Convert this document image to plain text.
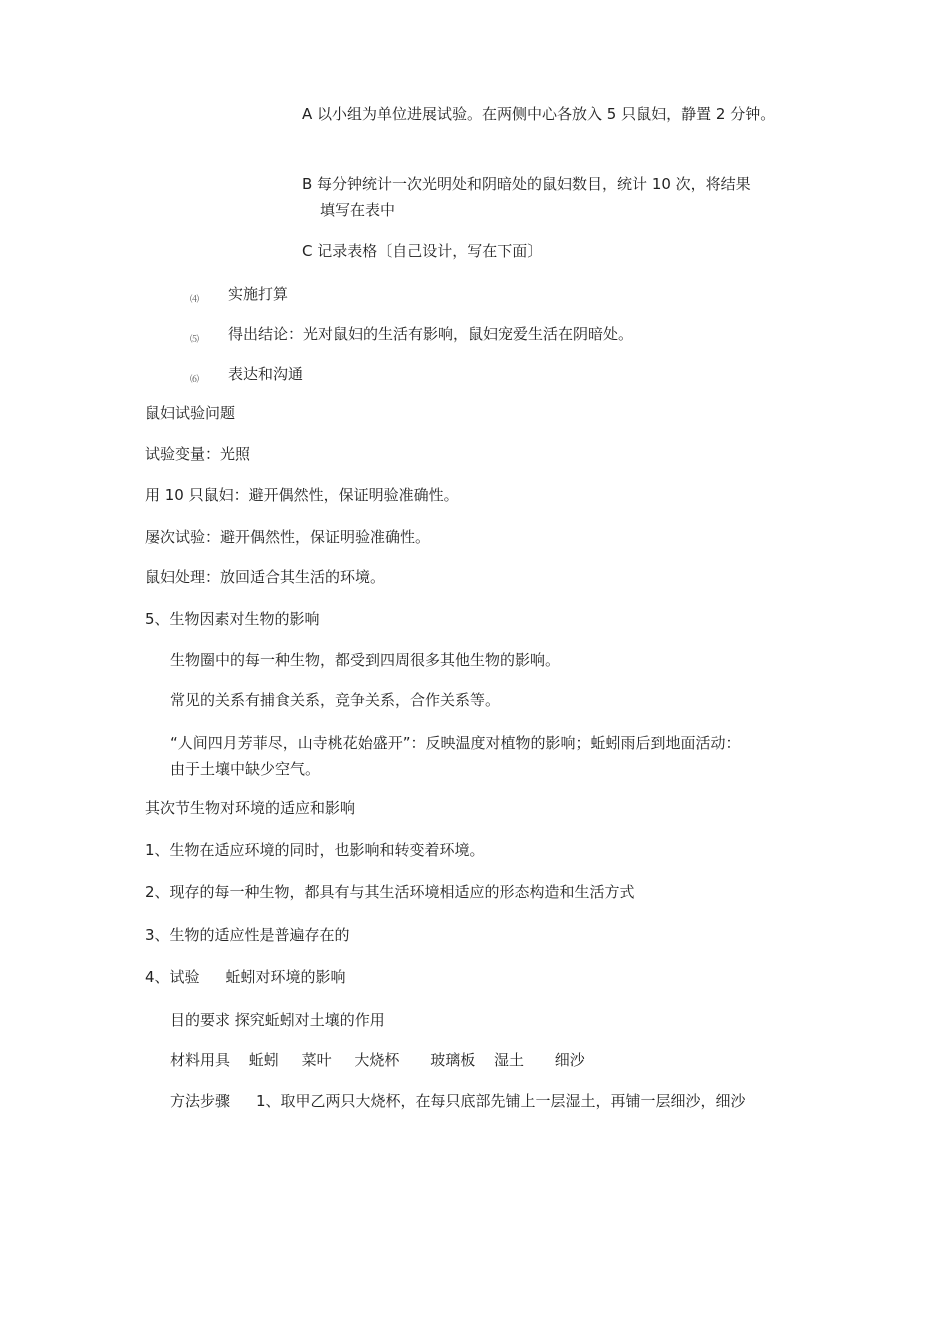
A 以小组为单位进展试验。在两侧中心各放入 5 只鼠妇，静置 2 分钟。
B 每分钟统计一次光明处和阴暗处的鼠妇数目，统计 10 次，将结果
填写在表中
C 记录表格〔自己设计，写在下面〕
⑷ 实施打算
⑸ 得出结论：光对鼠妇的生活有影响，鼠妇宠爱生活在阴暗处。
⑹ 表达和沟通
鼠妇试验问题
试验变量：光照
用 10 只鼠妇：避开偶然性，保证明验准确性。
屡次试验：避开偶然性，保证明验准确性。
鼠妇处理：放回适合其生活的环境。
5、生物因素对生物的影响
生物圈中的每一种生物，都受到四周很多其他生物的影响。
常见的关系有捕食关系，竞争关系，合作关系等。
“人间四月芳菲尽，山寺桃花始盛开”：反映温度对植物的影响；蚯蚓雨后到地面活动：
由于土壤中缺少空气。
其次节生物对环境的适应和影响
1、生物在适应环境的同时，也影响和转变着环境。
2、现存的每一种生物，都具有与其生活环境相适应的形态构造和生活方式
3、生物的适应性是普遍存在的
4、试验 蚯蚓对环境的影响
目的要求 探究蚯蚓对土壤的作用
材料用具 蚯蚓 菜叶 大烧杯 玻璃板 湿土 细沙
方法步骤 1、取甲乙两只大烧杯，在每只底部先铺上一层湿土，再铺一层细沙，细沙
